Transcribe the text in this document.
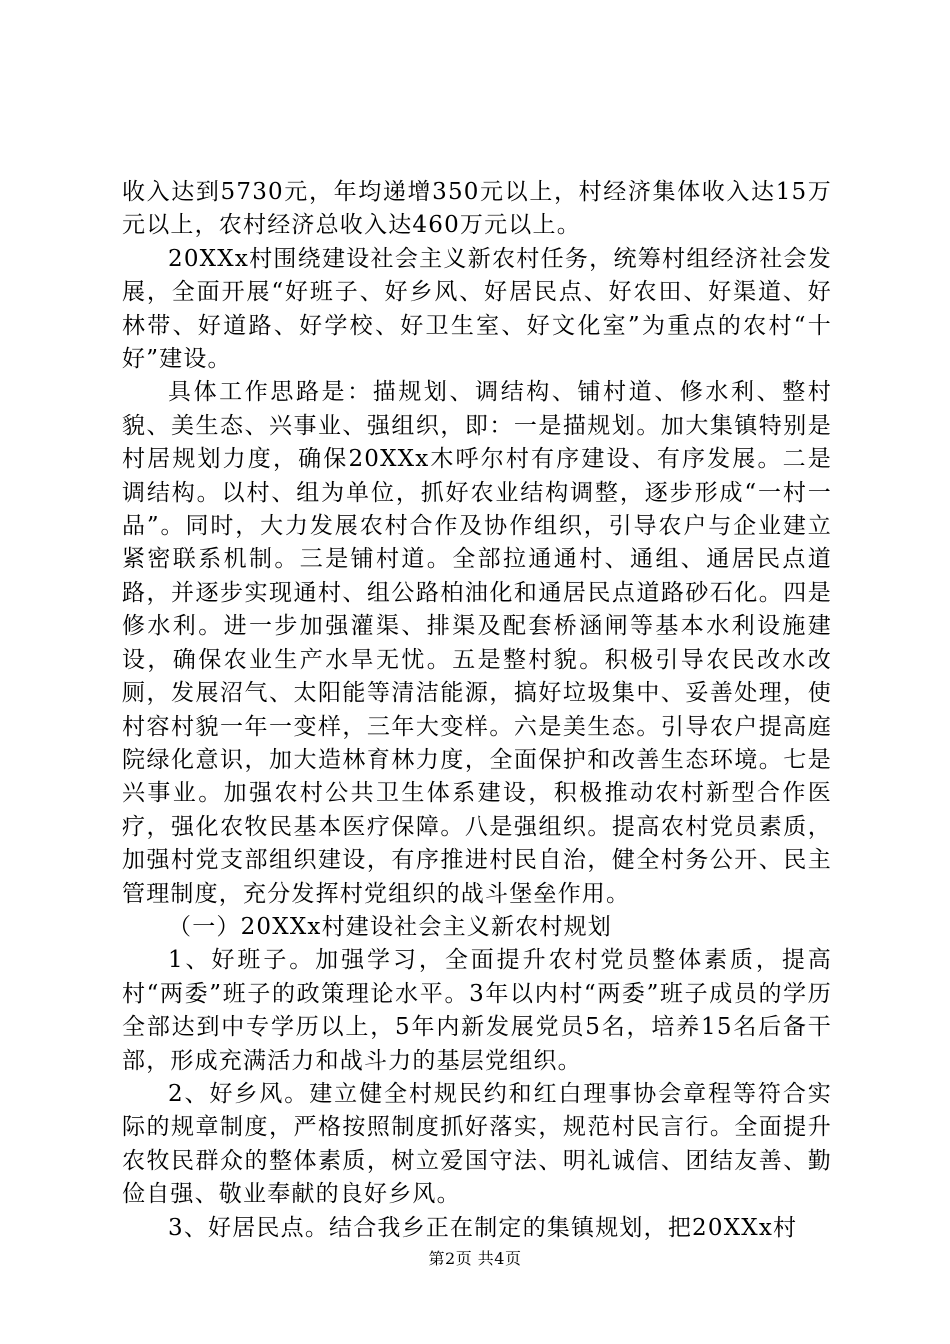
收入达到5730元，年均递增350元以上，村经济集体收入达15万元以上，农村经济总收入达460万元以上。

20XXx村围绕建设社会主义新农村任务，统筹村组经济社会发展，全面开展“好班子、好乡风、好居民点、好农田、好渠道、好林带、好道路、好学校、好卫生室、好文化室”为重点的农村“十好”建设。

具体工作思路是：描规划、调结构、铺村道、修水利、整村貌、美生态、兴事业、强组织，即：一是描规划。加大集镇特别是村居规划力度，确保20XXx木呼尔村有序建设、有序发展。二是调结构。以村、组为单位，抓好农业结构调整，逐步形成“一村一品”。同时，大力发展农村合作及协作组织，引导农户与企业建立紧密联系机制。三是铺村道。全部拉通通村、通组、通居民点道路，并逐步实现通村、组公路柏油化和通居民点道路砂石化。四是修水利。进一步加强灌渠、排渠及配套桥涵闸等基本水利设施建设，确保农业生产水旱无忧。五是整村貌。积极引导农民改水改厕，发展沼气、太阳能等清洁能源，搞好垃圾集中、妥善处理，使村容村貌一年一变样，三年大变样。六是美生态。引导农户提高庭院绿化意识，加大造林育林力度，全面保护和改善生态环境。七是兴事业。加强农村公共卫生体系建设，积极推动农村新型合作医疗，强化农牧民基本医疗保障。八是强组织。提高农村党员素质，加强村党支部组织建设，有序推进村民自治，健全村务公开、民主管理制度，充分发挥村党组织的战斗堡垒作用。

（一）20XXx村建设社会主义新农村规划

1、好班子。加强学习，全面提升农村党员整体素质，提高村“两委”班子的政策理论水平。3年以内村“两委”班子成员的学历全部达到中专学历以上，5年内新发展党员5名，培养15名后备干部，形成充满活力和战斗力的基层党组织。

2、好乡风。建立健全村规民约和红白理事协会章程等符合实际的规章制度，严格按照制度抓好落实，规范村民言行。全面提升农牧民群众的整体素质，树立爱国守法、明礼诚信、团结友善、勤俭自强、敬业奉献的良好乡风。

3、好居民点。结合我乡正在制定的集镇规划，把20XXx村

第2页 共4页
